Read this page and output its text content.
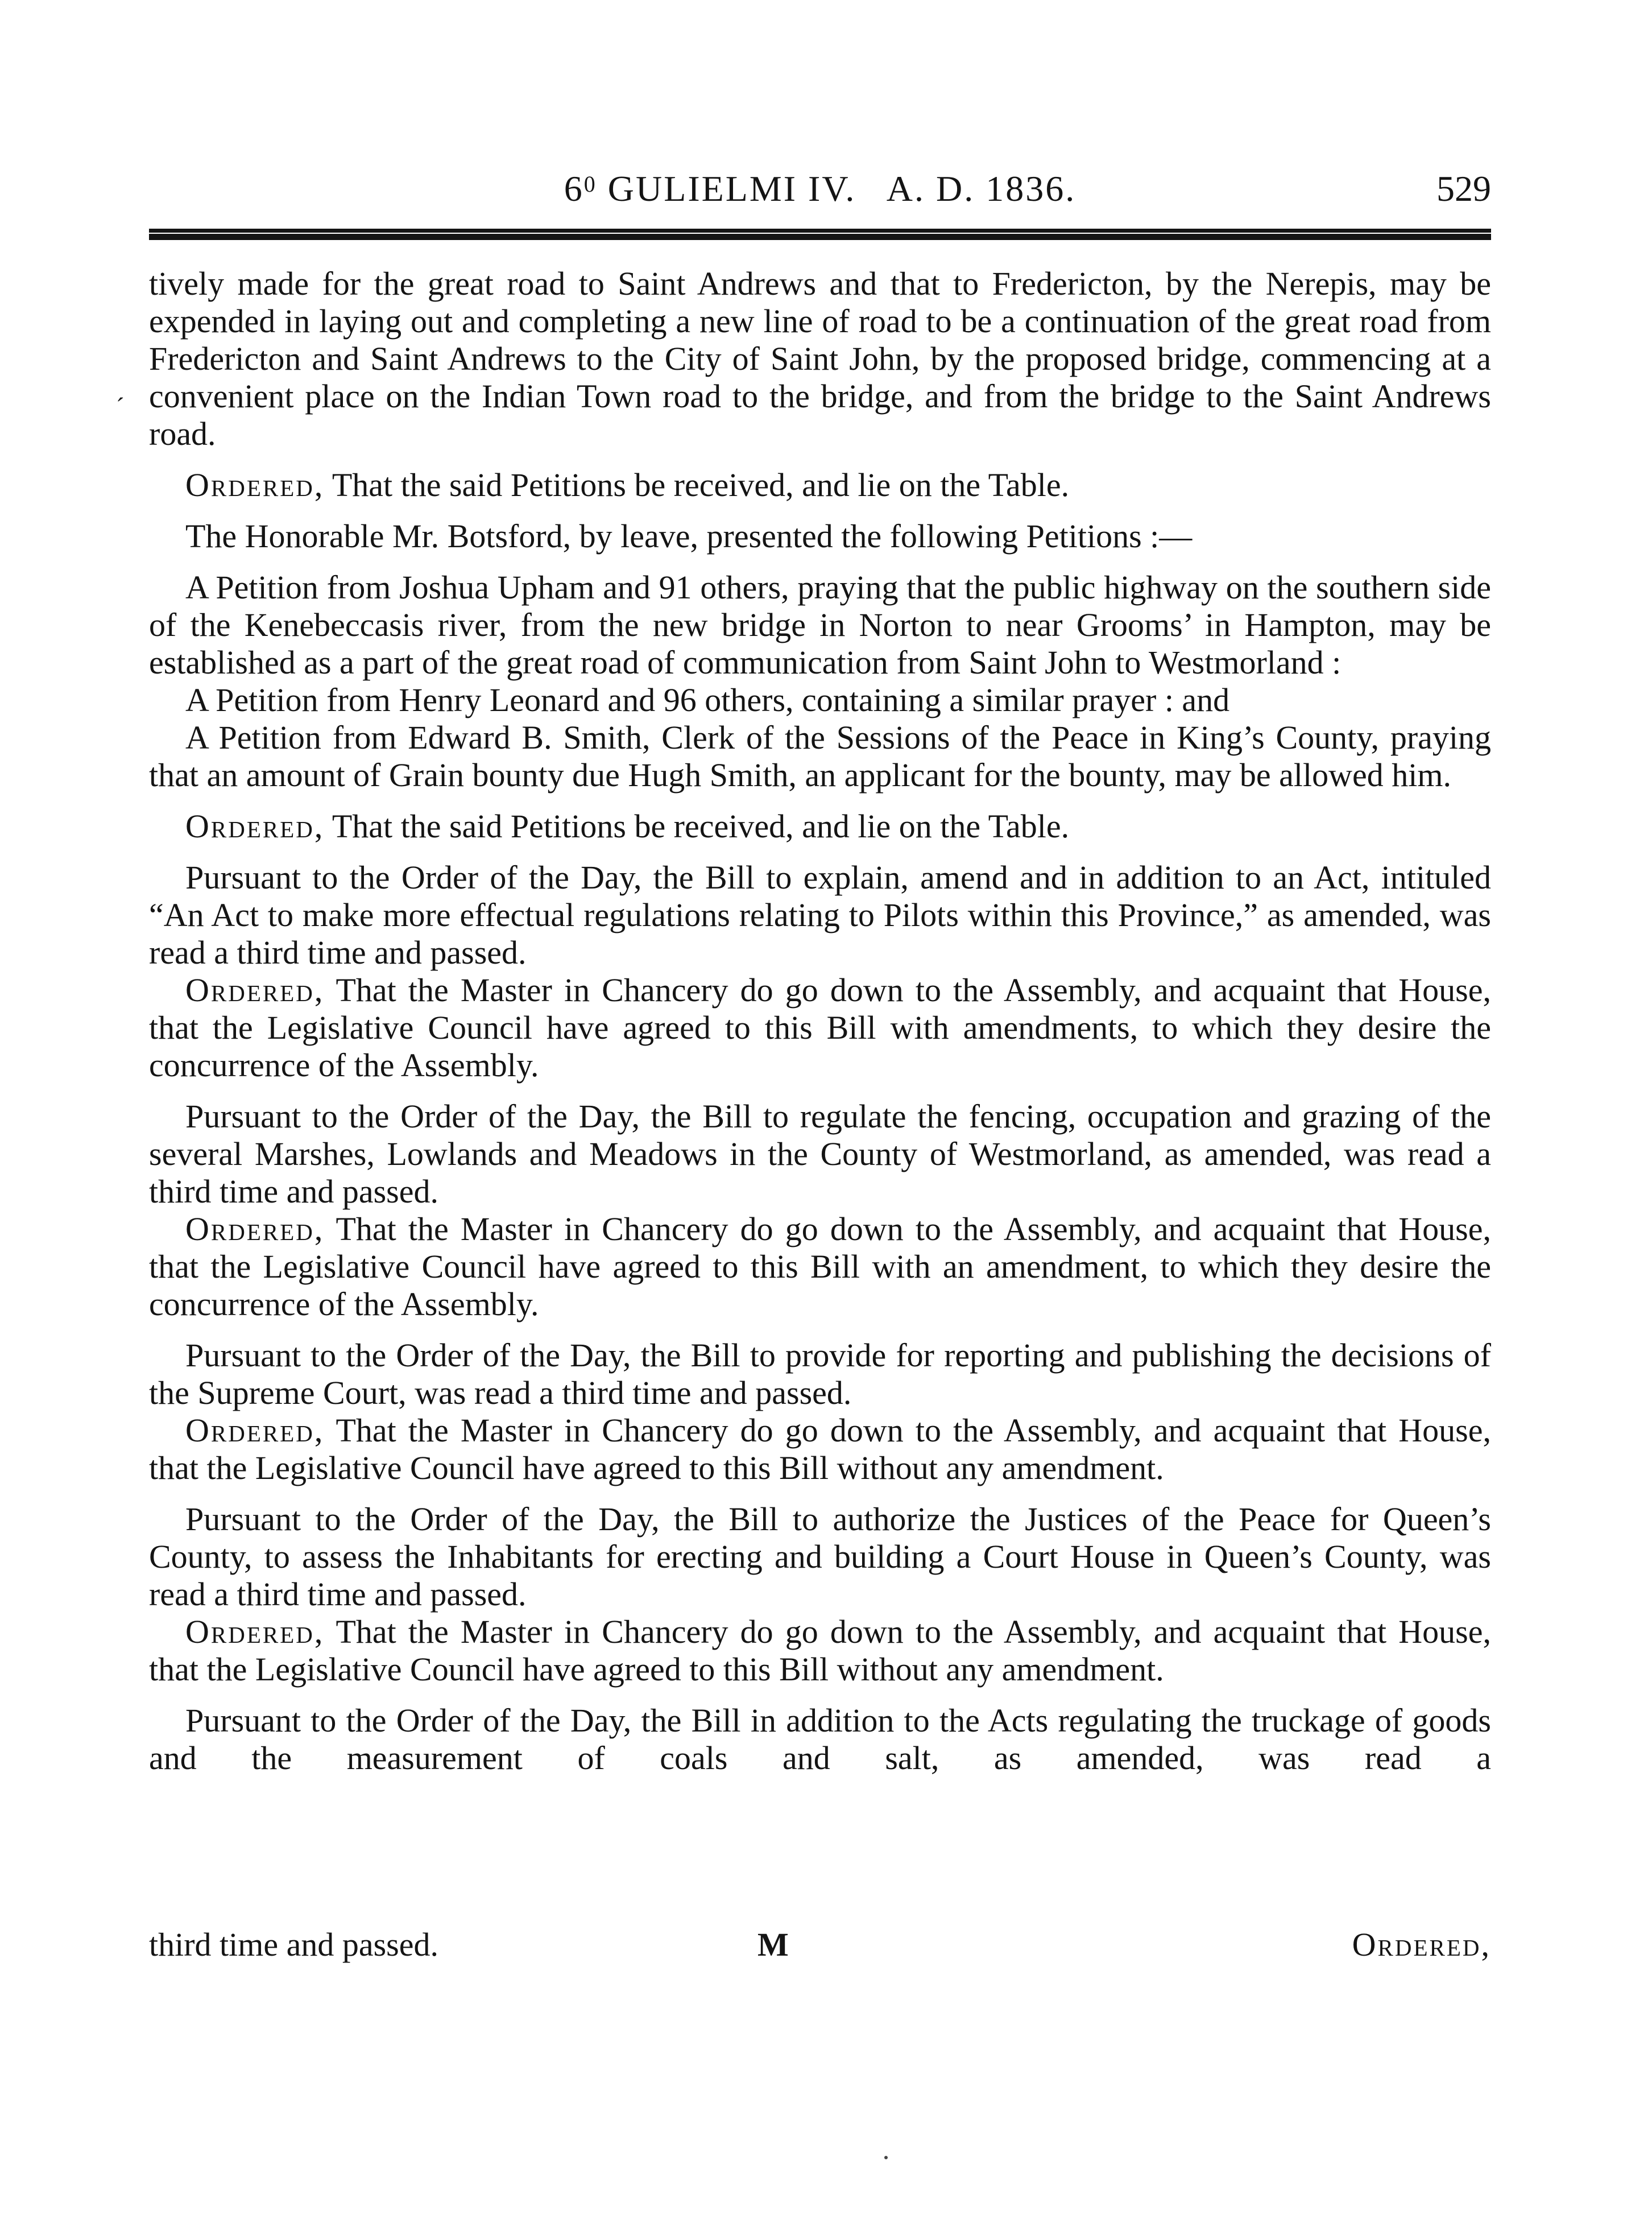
$6^0$ GULIELMI IV.   A. D. 1836.	529
´

tively made for the great road to Saint Andrews and that to Fredericton, by the Nerepis, may be expended in laying out and completing a new line of road to be a continuation of the great road from Fredericton and Saint Andrews to the City of Saint John, by the proposed bridge, commencing at a convenient place on the Indian Town road to the bridge, and from the bridge to the Saint Andrews road.

Ordered, That the said Petitions be received, and lie on the Table.

The Honorable Mr. Botsford, by leave, presented the following Petitions :—

A Petition from Joshua Upham and 91 others, praying that the public highway on the southern side of the Kenebeccasis river, from the new bridge in Norton to near Grooms’ in Hampton, may be established as a part of the great road of communication from Saint John to Westmorland :

A Petition from Henry Leonard and 96 others, containing a similar prayer : and

A Petition from Edward B. Smith, Clerk of the Sessions of the Peace in King’s County, praying that an amount of Grain bounty due Hugh Smith, an applicant for the bounty, may be allowed him.

Ordered, That the said Petitions be received, and lie on the Table.

Pursuant to the Order of the Day, the Bill to explain, amend and in addition to an Act, intituled “An Act to make more effectual regulations relating to Pilots within this Province,” as amended, was read a third time and passed.

Ordered, That the Master in Chancery do go down to the Assembly, and acquaint that House, that the Legislative Council have agreed to this Bill with amendments, to which they desire the concurrence of the Assembly.

Pursuant to the Order of the Day, the Bill to regulate the fencing, occupation and grazing of the several Marshes, Lowlands and Meadows in the County of Westmorland, as amended, was read a third time and passed.

Ordered, That the Master in Chancery do go down to the Assembly, and acquaint that House, that the Legislative Council have agreed to this Bill with an amendment, to which they desire the concurrence of the Assembly.

Pursuant to the Order of the Day, the Bill to provide for reporting and publishing the decisions of the Supreme Court, was read a third time and passed.

Ordered, That the Master in Chancery do go down to the Assembly, and acquaint that House, that the Legislative Council have agreed to this Bill without any amendment.

Pursuant to the Order of the Day, the Bill to authorize the Justices of the Peace for Queen’s County, to assess the Inhabitants for erecting and building a Court House in Queen’s County, was read a third time and passed.

Ordered, That the Master in Chancery do go down to the Assembly, and acquaint that House, that the Legislative Council have agreed to this Bill without any amendment.

Pursuant to the Order of the Day, the Bill in addition to the Acts regulating the truckage of goods and the measurement of coals and salt, as amended, was read a

third time and passed.	M	Ordered,
